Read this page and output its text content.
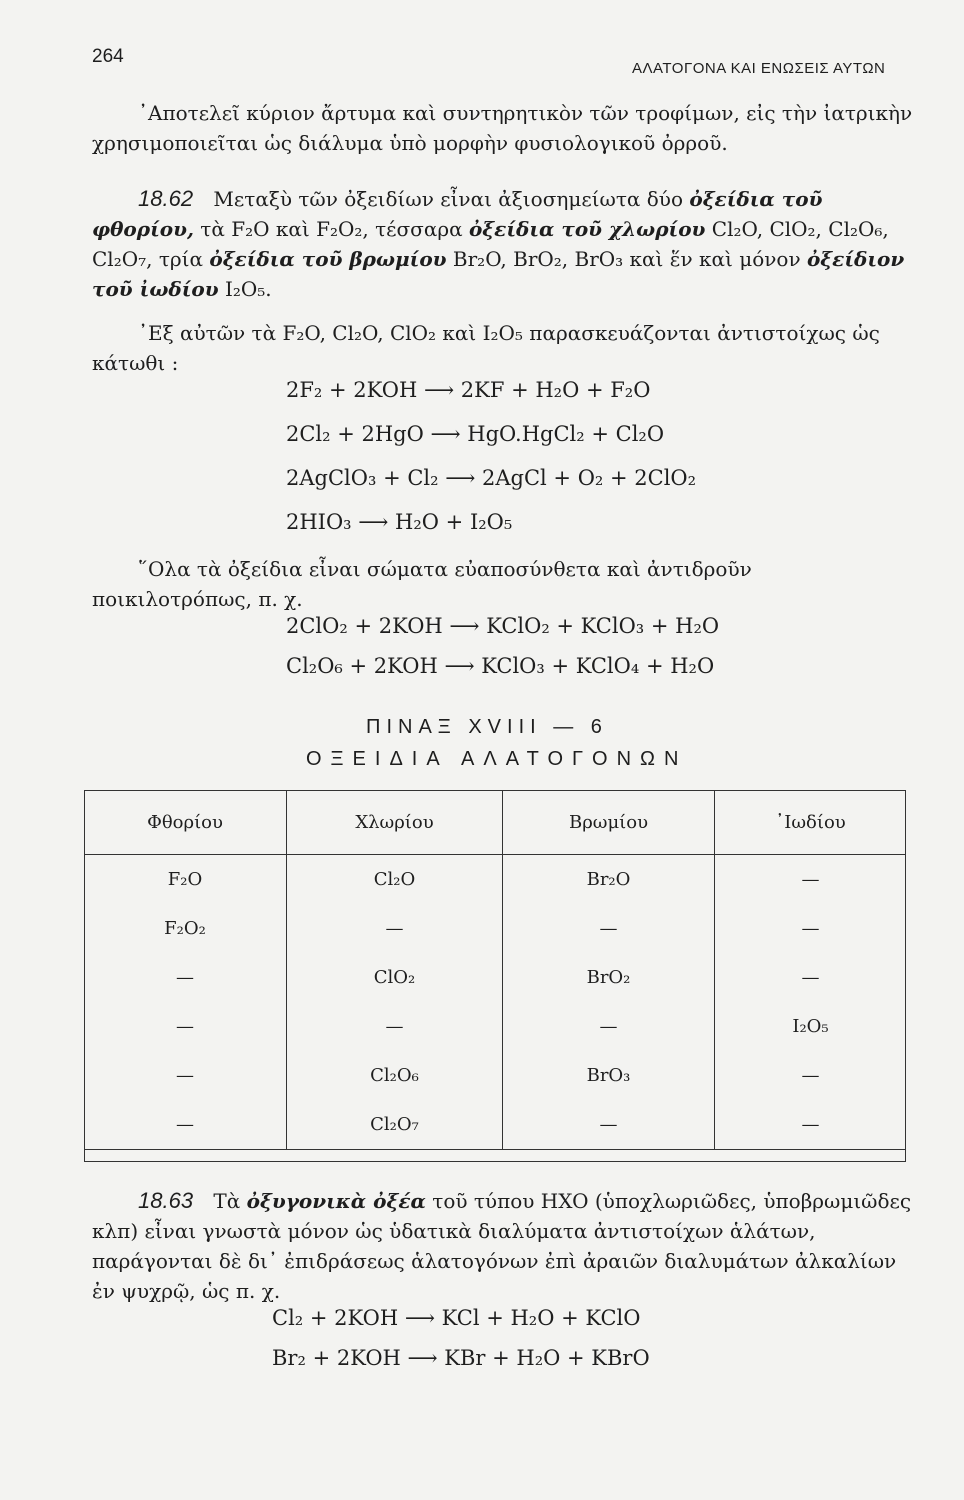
264
ΑΛΑΤΟΓΟΝΑ ΚΑΙ ΕΝΩΣΕΙΣ ΑΥΤΩΝ
᾿Αποτελεῖ κύριον ἄρτυμα καὶ συντηρητικὸν τῶν τροφίμων, εἰς τὴν ἰατρικὴν χρησιμοποιεῖται ὡς διάλυμα ὑπὸ μορφὴν φυσιολογικοῦ ὀρροῦ.
18.62 Μεταξὺ τῶν ὀξειδίων εἶναι ἀξιοσημείωτα δύο ὀξείδια τοῦ φθορίου, τὰ F₂O καὶ F₂O₂, τέσσαρα ὀξείδια τοῦ χλωρίου Cl₂O, ClO₂, Cl₂O₆, Cl₂O₇, τρία ὀξείδια τοῦ βρωμίου Br₂O, BrO₂, BrO₃ καὶ ἕν καὶ μόνον ὀξείδιον τοῦ ἰωδίου I₂O₅.
᾿Εξ αὐτῶν τὰ F₂O, Cl₂O, ClO₂ καὶ I₂O₅ παρασκευάζονται ἀντιστοίχως ὡς κάτωθι :
2F₂ + 2KOH ⟶ 2KF + H₂O + F₂O
2Cl₂ + 2HgO ⟶ HgO.HgCl₂ + Cl₂O
2AgClO₃ + Cl₂ ⟶ 2AgCl + O₂ + 2ClO₂
2HIO₃ ⟶ H₂O + I₂O₅
῞Ολα τὰ ὀξείδια εἶναι σώματα εὐαποσύνθετα καὶ ἀντιδροῦν ποικιλοτρόπως, π. χ.
2ClO₂ + 2KOH ⟶ KClO₂ + KClO₃ + H₂O
Cl₂O₆ + 2KOH ⟶ KClO₃ + KClO₄ + H₂O
ΠΙΝΑΞ XVIII — 6
ΟΞΕΙΔΙΑ ΑΛΑΤΟΓΟΝΩΝ
Φθορίου	Χλωρίου	Βρωμίου	᾿Ιωδίου
F₂O	Cl₂O	Br₂O	—
F₂O₂	—	—	—
—	ClO₂	BrO₂	—
—	—	—	I₂O₅
—	Cl₂O₆	BrO₃	—
—	Cl₂O₇	—	—
18.63 Τὰ ὀξυγονικὰ ὀξέα τοῦ τύπου HXO (ὑποχλωριῶδες, ὑποβρωμιῶδες κλπ) εἶναι γνωστὰ μόνον ὡς ὑδατικὰ διαλύματα ἀντιστοίχων ἁλάτων, παράγονται δὲ δι᾿ ἐπιδράσεως ἁλατογόνων ἐπὶ ἀραιῶν διαλυμάτων ἀλκαλίων ἐν ψυχρῷ, ὡς π. χ.
Cl₂ + 2KOH ⟶ KCl + H₂O + KClO
Br₂ + 2KOH ⟶ KBr + H₂O + KBrO
